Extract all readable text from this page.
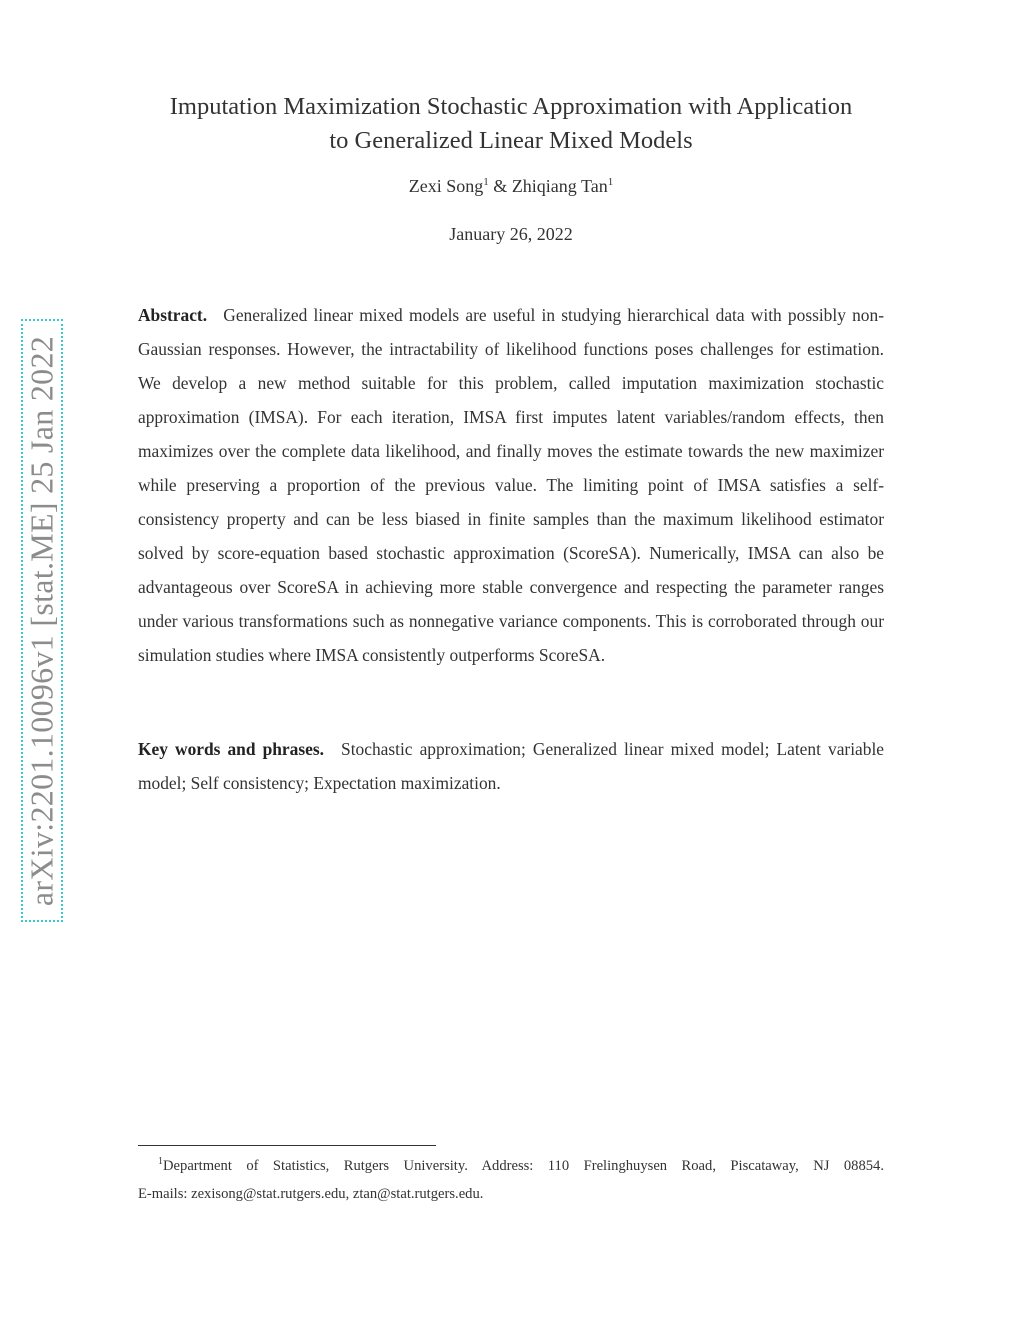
arXiv:2201.10096v1 [stat.ME] 25 Jan 2022
Imputation Maximization Stochastic Approximation with Application
to Generalized Linear Mixed Models
Zexi Song$^1$ & Zhiqiang Tan$^1$
January 26, 2022
Abstract. Generalized linear mixed models are useful in studying hierarchical data with possibly non-Gaussian responses. However, the intractability of likelihood functions poses challenges for estimation. We develop a new method suitable for this problem, called imputation maximization stochastic approximation (IMSA). For each iteration, IMSA first imputes latent variables/random effects, then maximizes over the complete data likelihood, and finally moves the estimate towards the new maximizer while preserving a proportion of the previous value. The limiting point of IMSA satisfies a self-consistency property and can be less biased in finite samples than the maximum likelihood estimator solved by score-equation based stochastic approximation (ScoreSA). Numerically, IMSA can also be advantageous over ScoreSA in achieving more stable convergence and respecting the parameter ranges under various transformations such as nonnegative variance components. This is corroborated through our simulation studies where IMSA consistently outperforms ScoreSA.
Key words and phrases. Stochastic approximation; Generalized linear mixed model; Latent variable model; Self consistency; Expectation maximization.
$^1$Department of Statistics, Rutgers University. Address: 110 Frelinghuysen Road, Piscataway, NJ 08854.
E-mails: zexisong@stat.rutgers.edu, ztan@stat.rutgers.edu.
